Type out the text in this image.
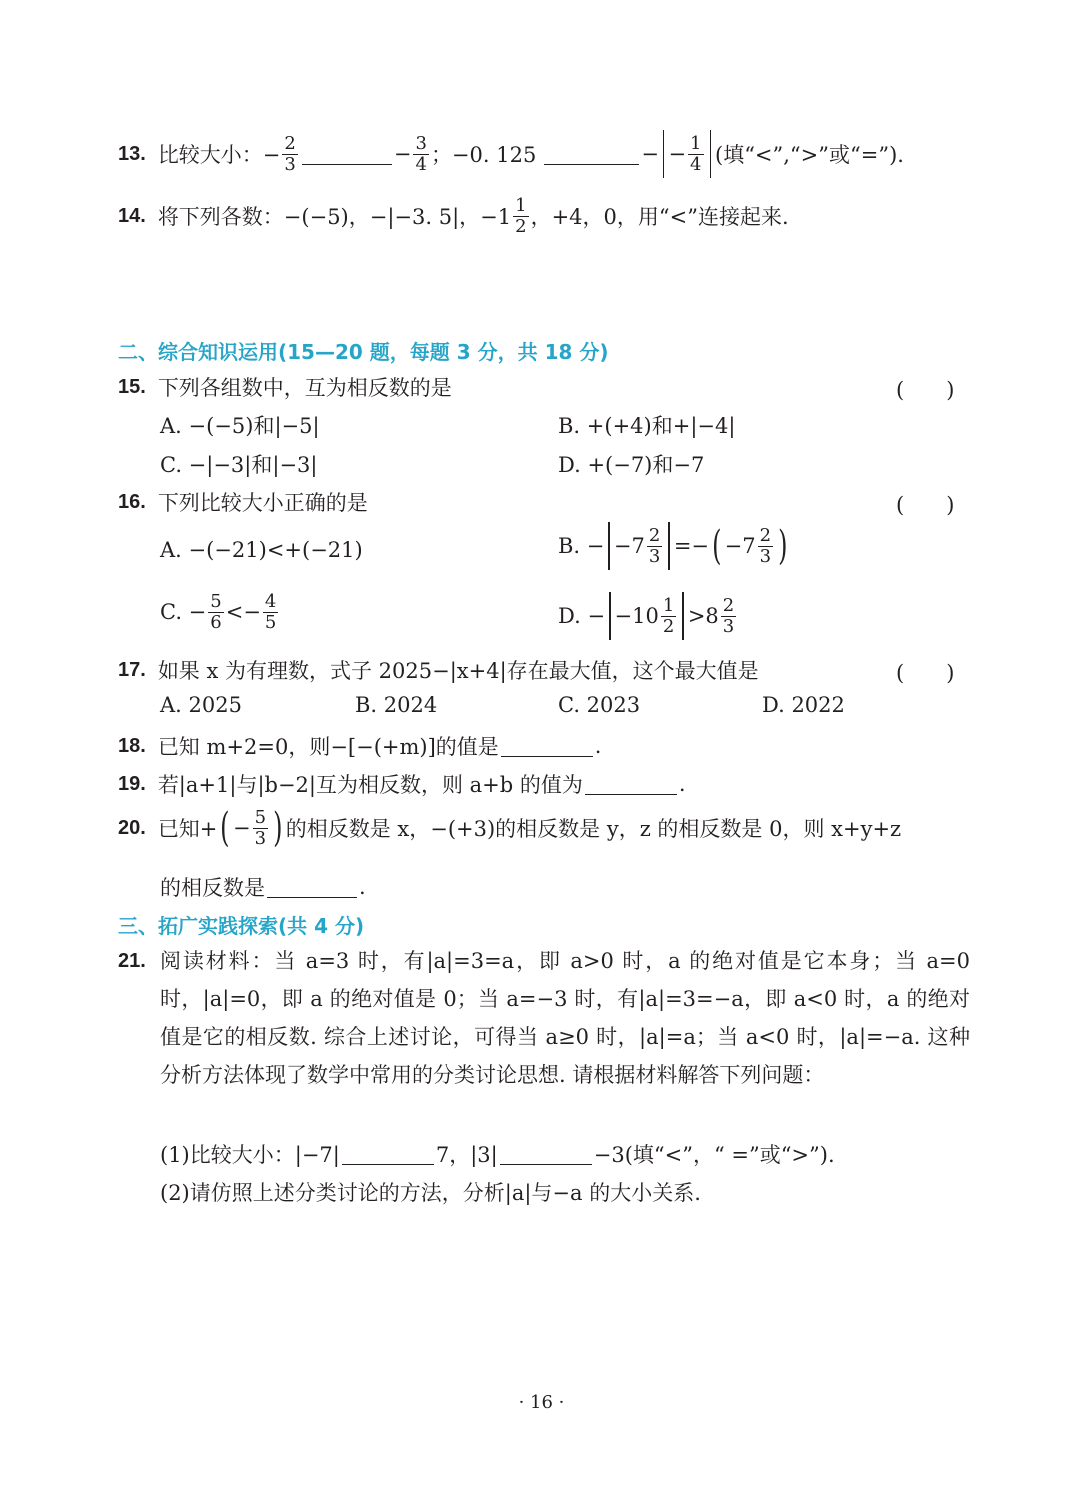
13. 比较大小：− $\frac{2}{3}$	− $\frac{3}{4}$ ；−0. 125	− − $\frac{1}{4}$ (填“<”,“>”或“=”).
14. 将下列各数：−(−5)，−|−3. 5|，$-1 \frac{1}{2}$ ，+4，0，用“<”连接起来.
二、综合知识运用(15—20 题，每题 3 分，共 18 分)
15. 下列各组数中，互为相反数的是	(　　)
A. −(−5)和|−5|	B. +(+4)和+|−4|
C. −|−3|和|−3|	D. +(−7)和−7
16. 下列比较大小正确的是	(　　)
A. −(−21)<+(−21)	B. − $-7 \frac{2}{3}$ =− ( $-7 \frac{2}{3}$ )
C. − $\frac{5}{6} <- \frac{4}{5}$	D. − $-10 \frac{1}{2} >8 \frac{2}{3}$
17. 如果 x 为有理数，式子 2025−|x+4|存在最大值，这个最大值是	(　　)
A. 2025	B. 2024	C. 2023	D. 2022
18. 已知 m+2=0，则−[−(+m)]的值是	.
19. 若|a+1|与|b−2|互为相反数，则 a+b 的值为	.
20. 已知+ ( − $\frac{5}{3}$ ) 的相反数是 x，−(+3)的相反数是 y，z 的相反数是 0，则 x+y+z
的相反数是	.
三、拓广实践探索(共 4 分)
21. 阅读材料：当 a=3 时，有|a|=3=a，即 a>0 时，a 的绝对值是它本身；当 a=0 时，|a|=0，即 a 的绝对值是 0；当 a=−3 时，有|a|=3=−a，即 a<0 时，a 的绝对值是它的相反数. 综合上述讨论，可得当 a≥0 时，|a|=a；当 a<0 时，|a|=−a. 这种分析方法体现了数学中常用的分类讨论思想. 请根据材料解答下列问题：
(1)比较大小：|−7|	7，|3|	−3(填“<”，“ =”或“>”).
(2)请仿照上述分类讨论的方法，分析|a|与−a 的大小关系.
· 16 ·
